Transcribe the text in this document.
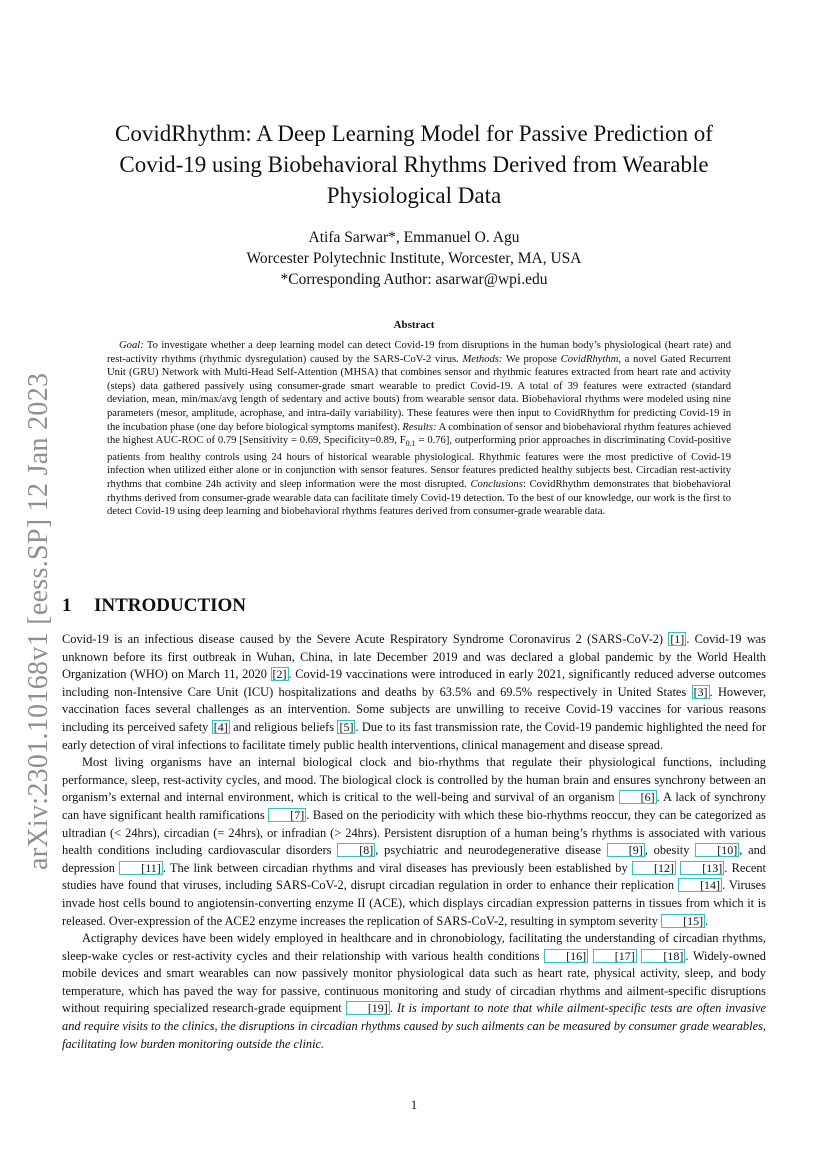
arXiv:2301.10168v1 [eess.SP] 12 Jan 2023
CovidRhythm: A Deep Learning Model for Passive Prediction of Covid-19 using Biobehavioral Rhythms Derived from Wearable Physiological Data
Atifa Sarwar*, Emmanuel O. Agu
Worcester Polytechnic Institute, Worcester, MA, USA
*Corresponding Author: asarwar@wpi.edu
Abstract

Goal: To investigate whether a deep learning model can detect Covid-19 from disruptions in the human body’s physiological (heart rate) and rest-activity rhythms (rhythmic dysregulation) caused by the SARS-CoV-2 virus. Methods: We propose CovidRhythm, a novel Gated Recurrent Unit (GRU) Network with Multi-Head Self-Attention (MHSA) that combines sensor and rhythmic features extracted from heart rate and activity (steps) data gathered passively using consumer-grade smart wearable to predict Covid-19. A total of 39 features were extracted (standard deviation, mean, min/max/avg length of sedentary and active bouts) from wearable sensor data. Biobehavioral rhythms were modeled using nine parameters (mesor, amplitude, acrophase, and intra-daily variability). These features were then input to CovidRhythm for predicting Covid-19 in the incubation phase (one day before biological symptoms manifest). Results: A combination of sensor and biobehavioral rhythm features achieved the highest AUC-ROC of 0.79 [Sensitivity = 0.69, Specificity=0.89, $F_{0.1} = 0.76$], outperforming prior approaches in discriminating Covid-positive patients from healthy controls using 24 hours of historical wearable physiological. Rhythmic features were the most predictive of Covid-19 infection when utilized either alone or in conjunction with sensor features. Sensor features predicted healthy subjects best. Circadian rest-activity rhythms that combine 24h activity and sleep information were the most disrupted. Conclusions: CovidRhythm demonstrates that biobehavioral rhythms derived from consumer-grade wearable data can facilitate timely Covid-19 detection. To the best of our knowledge, our work is the first to detect Covid-19 using deep learning and biobehavioral rhythms features derived from consumer-grade wearable data.

1 INTRODUCTION

Covid-19 is an infectious disease caused by the Severe Acute Respiratory Syndrome Coronavirus 2 (SARS-CoV-2) [1] . Covid-19 was unknown before its first outbreak in Wuhan, China, in late December 2019 and was declared a global pandemic by the World Health Organization (WHO) on March 11, 2020 [2] . Covid-19 vaccinations were introduced in early 2021, significantly reduced adverse outcomes including non-Intensive Care Unit (ICU) hospitalizations and deaths by 63.5% and 69.5% respectively in United States [3] . However, vaccination faces several challenges as an intervention. Some subjects are unwilling to receive Covid-19 vaccines for various reasons including its perceived safety [4] and religious beliefs [5] . Due to its fast transmission rate, the Covid-19 pandemic highlighted the need for early detection of viral infections to facilitate timely public health interventions, clinical management and disease spread.

Most living organisms have an internal biological clock and bio-rhythms that regulate their physiological functions, including performance, sleep, rest-activity cycles, and mood. The biological clock is controlled by the human brain and ensures synchrony between an organism’s external and internal environment, which is critical to the well-being and survival of an organism [6] . A lack of synchrony can have significant health ramifications [7] . Based on the periodicity with which these bio-rhythms reoccur, they can be categorized as ultradian (< 24hrs), circadian (= 24hrs), or infradian (> 24hrs). Persistent disruption of a human being’s rhythms is associated with various health conditions including cardiovascular disorders [8] , psychiatric and neurodegenerative disease [9] , obesity [10] , and depression [11] . The link between circadian rhythms and viral diseases has previously been established by [12] [13] . Recent studies have found that viruses, including SARS-CoV-2, disrupt circadian regulation in order to enhance their replication [14] . Viruses invade host cells bound to angiotensin-converting enzyme II (ACE), which displays circadian expression patterns in tissues from which it is released. Over-expression of the ACE2 enzyme increases the replication of SARS-CoV-2, resulting in symptom severity [15] .

Actigraphy devices have been widely employed in healthcare and in chronobiology, facilitating the understanding of circadian rhythms, sleep-wake cycles or rest-activity cycles and their relationship with various health conditions [16] [17] [18] . Widely-owned mobile devices and smart wearables can now passively monitor physiological data such as heart rate, physical activity, sleep, and body temperature, which has paved the way for passive, continuous monitoring and study of circadian rhythms and ailment-specific disruptions without requiring specialized research-grade equipment [19] . It is important to note that while ailment-specific tests are often invasive and require visits to the clinics, the disruptions in circadian rhythms caused by such ailments can be measured by consumer grade wearables, facilitating low burden monitoring outside the clinic.

1
